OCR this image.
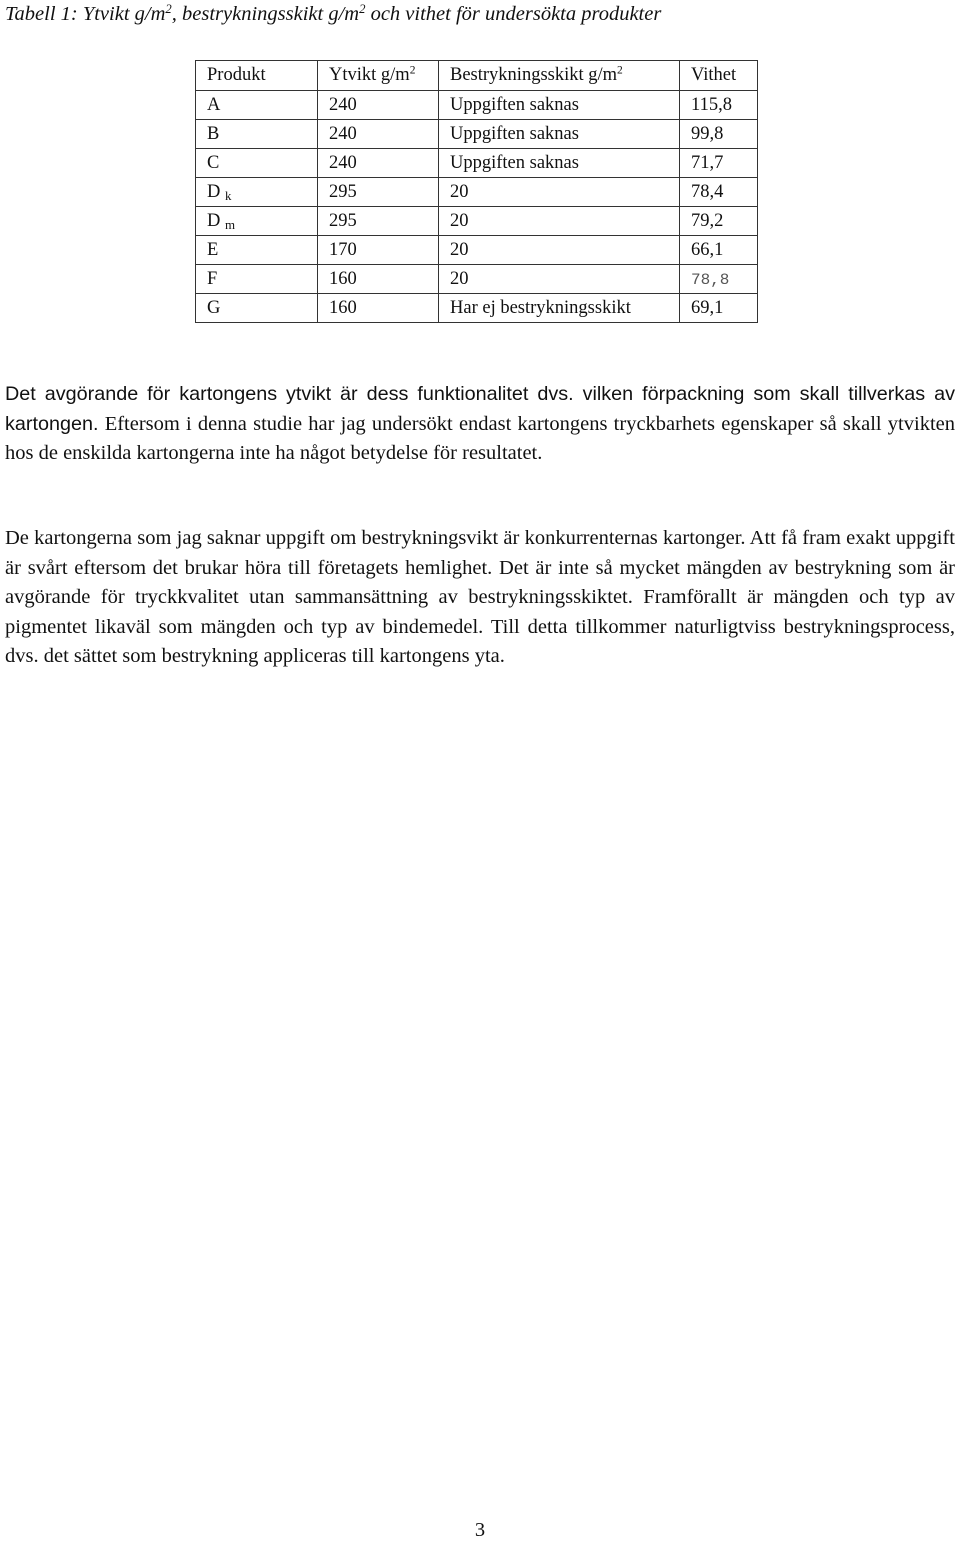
Tabell 1: Ytvikt $g/m^2$, bestrykningsskikt $g/m^2$ och vithet för undersökta produkter
Produkt	Ytvikt $g/m^2$	Bestrykningsskikt $g/m^2$	Vithet
A	240	Uppgiften saknas	115,8
B	240	Uppgiften saknas	99,8
C	240	Uppgiften saknas	71,7
D $_k$	295	20	78,4
D $_m$	295	20	79,2
E	170	20	66,1
F	160	20	78,8
G	160	Har ej bestrykningsskikt	69,1

Det avgörande för kartongens ytvikt är dess funktionalitet dvs. vilken förpackning som skall tillverkas av kartongen. Eftersom i denna studie har jag undersökt endast kartongens tryckbarhets egenskaper så skall ytvikten hos de enskilda kartongerna inte ha något betydelse för resultatet.

De kartongerna som jag saknar uppgift om bestrykningsvikt är konkurrenternas kartonger. Att få fram exakt uppgift är svårt eftersom det brukar höra till företagets hemlighet. Det är inte så mycket mängden av bestrykning som är avgörande för tryckkvalitet utan sammansättning av bestrykningsskiktet. Framförallt är mängden och typ av pigmentet likaväl som mängden och typ av bindemedel. Till detta tillkommer naturligtviss bestrykningsprocess, dvs. det sättet som bestrykning appliceras till kartongens yta.

3
